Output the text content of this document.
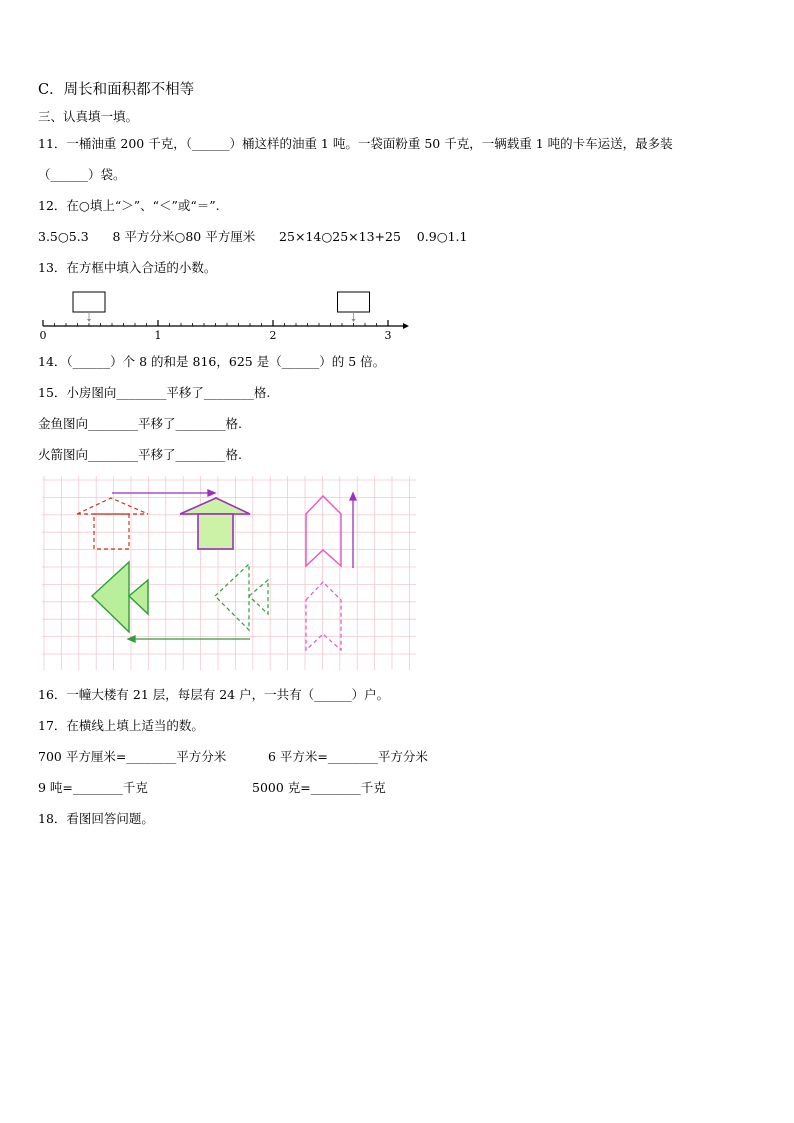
C．周长和面积都不相等
三、认真填一填。
11．一桶油重 200 千克，（______）桶这样的油重 1 吨。一袋面粉重 50 千克，一辆载重 1 吨的卡车运送，最多装
（______）袋。
12．在○填上“＞”、“＜”或“＝”.
3.5○5.3      8 平方分米○80 平方厘米      25×14○25×13+25    0.9○1.1
13．在方框中填入合适的小数。
0	1	2	3
14．（______）个 8 的和是 816，625 是（______）的 5 倍。
15．小房图向________平移了________格.
金鱼图向________平移了________格.
火箭图向________平移了________格.
16．一幢大楼有 21 层，每层有 24 户，一共有（______）户。
17．在横线上填上适当的数。
700 平方厘米=________平方分米	6 平方米=________平方分米
9 吨=________千克	5000 克=________千克
18．看图回答问题。
